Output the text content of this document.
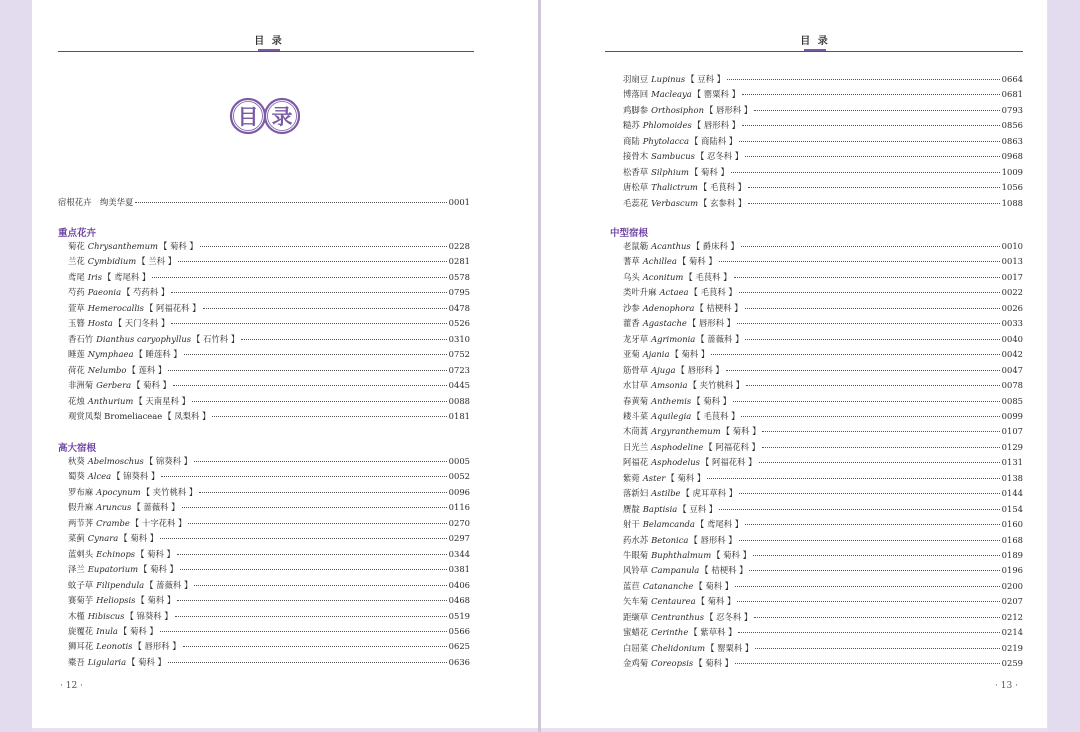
目 录
目 录
宿根花卉　绚美华夏	0001
重点花卉
菊花 Chrysanthemum 【 菊科 】	0228
兰花 Cymbidium 【 兰科 】	0281
鸢尾 Iris 【 鸢尾科 】	0578
芍药 Paeonia 【 芍药科 】	0795
萱草 Hemerocallis 【 阿福花科 】	0478
玉簪 Hosta 【 天门冬科 】	0526
香石竹 Dianthus caryophyllus 【 石竹科 】	0310
睡莲 Nymphaea 【 睡莲科 】	0752
荷花 Nelumbo 【 莲科 】	0723
非洲菊 Gerbera 【 菊科 】	0445
花烛 Anthurium 【 天南星科 】	0088
观赏凤梨 Bromeliaceae 【 凤梨科 】	0181
高大宿根
秋葵 Abelmoschus 【 锦葵科 】	0005
蜀葵 Alcea 【 锦葵科 】	0052
罗布麻 Apocynum 【 夹竹桃科 】	0096
假升麻 Aruncus 【 蔷薇科 】	0116
两节荠 Crambe 【 十字花科 】	0270
菜蓟 Cynara 【 菊科 】	0297
蓝刺头 Echinops 【 菊科 】	0344
泽兰 Eupatorium 【 菊科 】	0381
蚊子草 Filipendula 【 蔷薇科 】	0406
赛菊芋 Heliopsis 【 菊科 】	0468
木槿 Hibiscus 【 锦葵科 】	0519
旋覆花 Inula 【 菊科 】	0566
狮耳花 Leonotis 【 唇形科 】	0625
橐吾 Ligularia 【 菊科 】	0636
· 12 ·
目 录
羽扇豆 Lupinus 【 豆科 】	0664
博落回 Macleaya 【 罂粟科 】	0681
鸡脚参 Orthosiphon 【 唇形科 】	0793
糙苏 Phlomoides 【 唇形科 】	0856
商陆 Phytolacca 【 商陆科 】	0863
接骨木 Sambucus 【 忍冬科 】	0968
松香草 Silphium 【 菊科 】	1009
唐松草 Thalictrum 【 毛茛科 】	1056
毛蕊花 Verbascum 【 玄参科 】	1088
中型宿根
老鼠簕 Acanthus 【 爵床科 】	0010
蓍草 Achillea 【 菊科 】	0013
乌头 Aconitum 【 毛茛科 】	0017
类叶升麻 Actaea 【 毛茛科 】	0022
沙参 Adenophora 【 桔梗科 】	0026
藿香 Agastache 【 唇形科 】	0033
龙牙草 Agrimonia 【 蔷薇科 】	0040
亚菊 Ajania 【 菊科 】	0042
筋骨草 Ajuga 【 唇形科 】	0047
水甘草 Amsonia 【 夹竹桃科 】	0078
春黄菊 Anthemis 【 菊科 】	0085
耧斗菜 Aquilegia 【 毛茛科 】	0099
木茼蒿 Argyranthemum 【 菊科 】	0107
日光兰 Asphodeline 【 阿福花科 】	0129
阿福花 Asphodelus 【 阿福花科 】	0131
紫菀 Aster 【 菊科 】	0138
落新妇 Astilbe 【 虎耳草科 】	0144
赝靛 Baptisia 【 豆科 】	0154
射干 Belamcanda 【 鸢尾科 】	0160
药水苏 Betonica 【 唇形科 】	0168
牛眼菊 Buphthalmum 【 菊科 】	0189
风铃草 Campanula 【 桔梗科 】	0196
蓝苣 Catananche 【 菊科 】	0200
矢车菊 Centaurea 【 菊科 】	0207
距缬草 Centranthus 【 忍冬科 】	0212
蜜蜡花 Cerinthe 【 紫草科 】	0214
白屈菜 Chelidonium 【 罂粟科 】	0219
金鸡菊 Coreopsis 【 菊科 】	0259
· 13 ·
